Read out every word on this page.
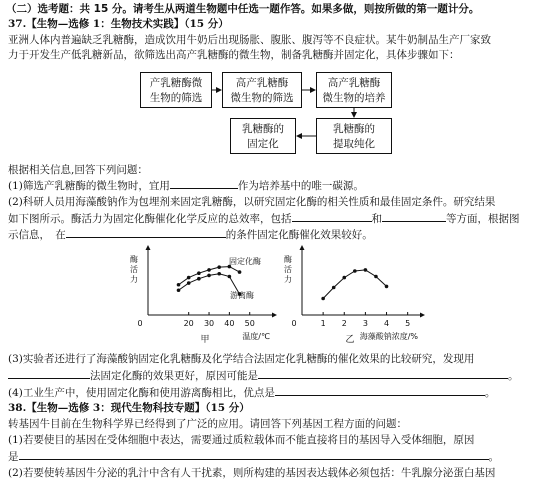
（二）选考题：共 15 分。请考生从两道生物题中任选一题作答。如果多做，则按所做的第一题计分。
37.【生物—选修 1：生物技术实践】（15 分）
亚洲人体内普遍缺乏乳糖酶，造成饮用牛奶后出现肠胀、腹胀、腹泻等不良症状。某牛奶制品生产厂家致
力于开发生产低乳糖新品，欲筛选出高产乳糖酶的微生物，制备乳糖酶并固定化，具体步骤如下：
产乳糖酶微
生物的筛选
高产乳糖酶
微生物的筛选
高产乳糖酶
微生物的培养
乳糖酶的
提取纯化
乳糖酶的
固定化
根据相关信息,回答下列问题：
(1)筛选产乳糖酶的微生物时，宜用	作为培养基中的唯一碳源。
(2)科研人员用海藻酸钠作为包埋剂来固定乳糖酶，以研究固定化酶的相关性质和最佳固定条件。研究结果
如下图所示。酶活力为固定化酶催化化学反应的总效率，包括	和	等方面，根据图
示信息，　在	的条件固定化酶催化效果较好。
酶
活
力
0	20 30 40 50
温度/℃
甲
固定化酶
游离酶
酶
活
力
0	1 2 3 4 5
海藻酸钠浓度/%
乙
(3)实验者还进行了海藻酸钠固定化乳糖酶及化学结合法固定化乳糖酶的催化效果的比较研究，发现用
法固定化酶的效果更好，原因可能是	。
(4)工业生产中，使用固定化酶和使用游离酶相比，优点是	。
38.【生物—选修 3：现代生物科技专题】（15 分）
转基因牛目前在生物科学界已经得到了广泛的应用。请回答下列基因工程方面的问题：
(1)若要使目的基因在受体细胞中表达，需要通过质粒载体而不能直接将目的基因导入受体细胞，原因
是	。
(2)若要使转基因牛分泌的乳汁中含有人干扰素，则所构建的基因表达载体必须包括：牛乳腺分泌蛋白基因
